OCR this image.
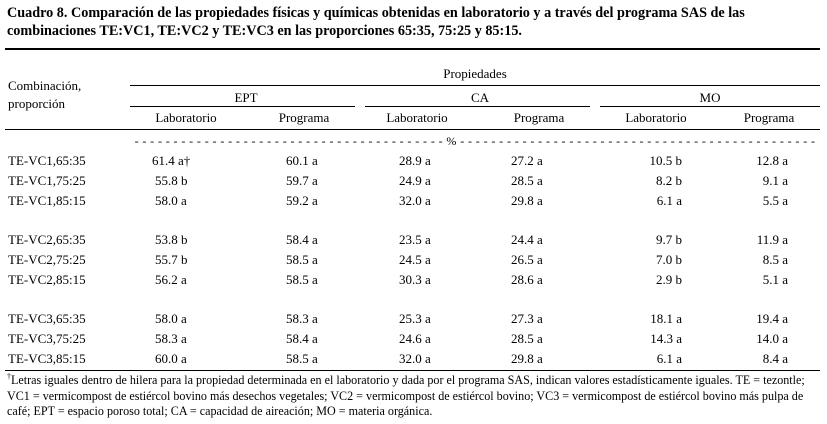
Cuadro 8. Comparación de las propiedades físicas y químicas obtenidas en laboratorio y a través del programa SAS de las combinaciones TE:VC1, TE:VC2 y TE:VC3 en las proporciones 65:35, 75:25 y 85:15.
Combinación,
proporción
Propiedades
EPT	CA	MO
Laboratorio	Programa	Laboratorio	Programa	Laboratorio	Programa
- - - - - - - - - - - - - - - - - - - - - - - - - - - - - - - - - - - - - - - - % - - - - - - - - - - - - - - - - - - - - - - - - - - - - - - - - - - - - - - - - - - - - - -
TE-VC1,65:35	61.4 a†	60.1 a	28.9 a	27.2 a	10.5 b	12.8 a
TE-VC1,75:25	55.8 b	59.7 a	24.9 a	28.5 a	8.2 b	9.1 a
TE-VC1,85:15	58.0 a	59.2 a	32.0 a	29.8 a	6.1 a	5.5 a
TE-VC2,65:35	53.8 b	58.4 a	23.5 a	24.4 a	9.7 b	11.9 a
TE-VC2,75:25	55.7 b	58.5 a	24.5 a	26.5 a	7.0 b	8.5 a
TE-VC2,85:15	56.2 a	58.5 a	30.3 a	28.6 a	2.9 b	5.1 a
TE-VC3,65:35	58.0 a	58.3 a	25.3 a	27.3 a	18.1 a	19.4 a
TE-VC3,75:25	58.3 a	58.4 a	24.6 a	28.5 a	14.3 a	14.0 a
TE-VC3,85:15	60.0 a	58.5 a	32.0 a	29.8 a	6.1 a	8.4 a
†Letras iguales dentro de hilera para la propiedad determinada en el laboratorio y dada por el programa SAS, indican valores estadísticamente iguales. TE = tezontle; VC1 = vermicompost de estiércol bovino más desechos vegetales; VC2 = vermicompost de estiércol bovino; VC3 = vermicompost de estiércol bovino más pulpa de café; EPT = espacio poroso total; CA = capacidad de aireación; MO = materia orgánica.
